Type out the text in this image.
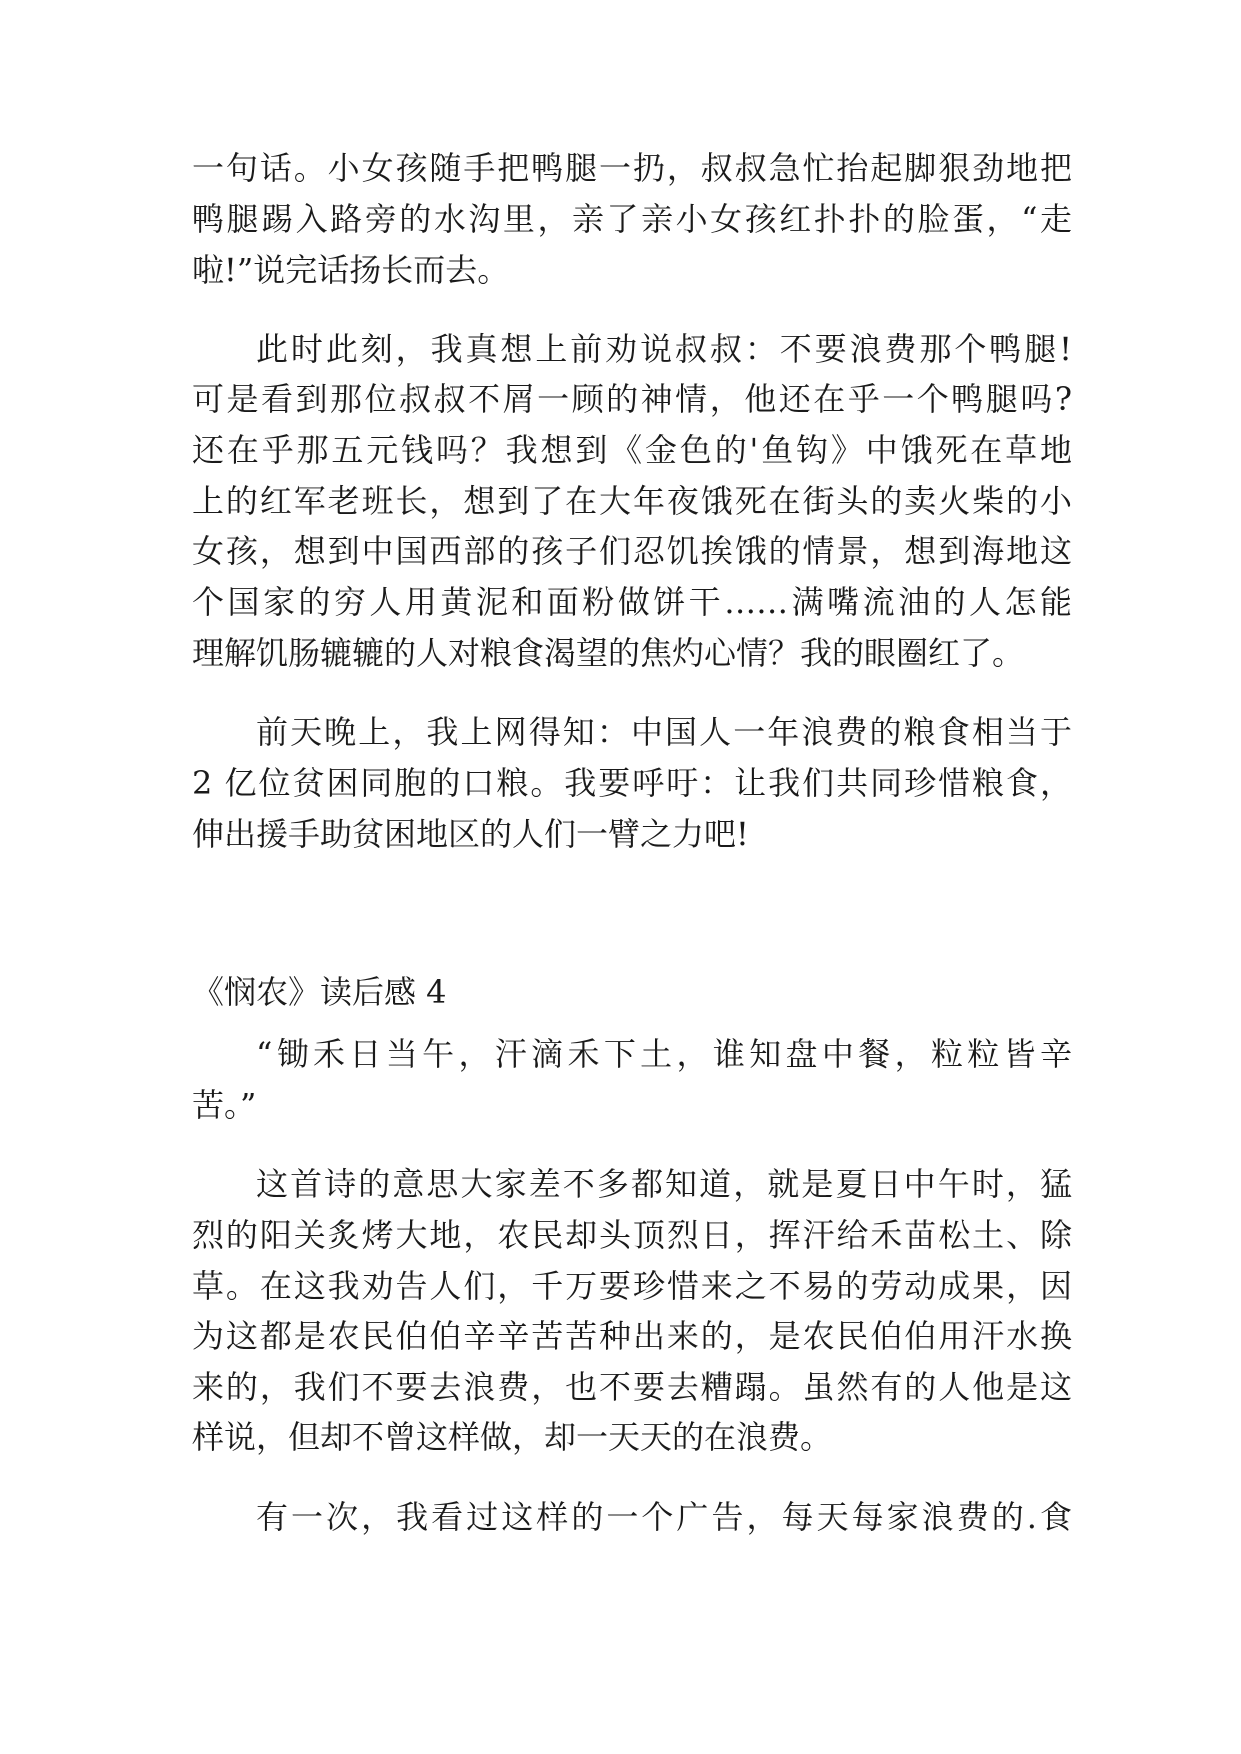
一句话。小女孩随手把鸭腿一扔，叔叔急忙抬起脚狠劲地把
鸭腿踢入路旁的水沟里，亲了亲小女孩红扑扑的脸蛋，“走
啦!”说完话扬长而去。
此时此刻，我真想上前劝说叔叔：不要浪费那个鸭腿!
可是看到那位叔叔不屑一顾的神情，他还在乎一个鸭腿吗?
还在乎那五元钱吗？我想到《金色的'鱼钩》中饿死在草地
上的红军老班长，想到了在大年夜饿死在街头的卖火柴的小
女孩，想到中国西部的孩子们忍饥挨饿的情景，想到海地这
个国家的穷人用黄泥和面粉做饼干……满嘴流油的人怎能
理解饥肠辘辘的人对粮食渴望的焦灼心情？我的眼圈红了。
前天晚上，我上网得知：中国人一年浪费的粮食相当于
2 亿位贫困同胞的口粮。我要呼吁：让我们共同珍惜粮食，
伸出援手助贫困地区的人们一臂之力吧!
《悯农》读后感 4
“锄禾日当午，汗滴禾下土，谁知盘中餐，粒粒皆辛
苦。”
这首诗的意思大家差不多都知道，就是夏日中午时，猛
烈的阳关炙烤大地，农民却头顶烈日，挥汗给禾苗松土、除
草。在这我劝告人们，千万要珍惜来之不易的劳动成果，因
为这都是农民伯伯辛辛苦苦种出来的，是农民伯伯用汗水换
来的，我们不要去浪费，也不要去糟蹋。虽然有的人他是这
样说，但却不曾这样做，却一天天的在浪费。
有一次，我看过这样的一个广告，每天每家浪费的.食
